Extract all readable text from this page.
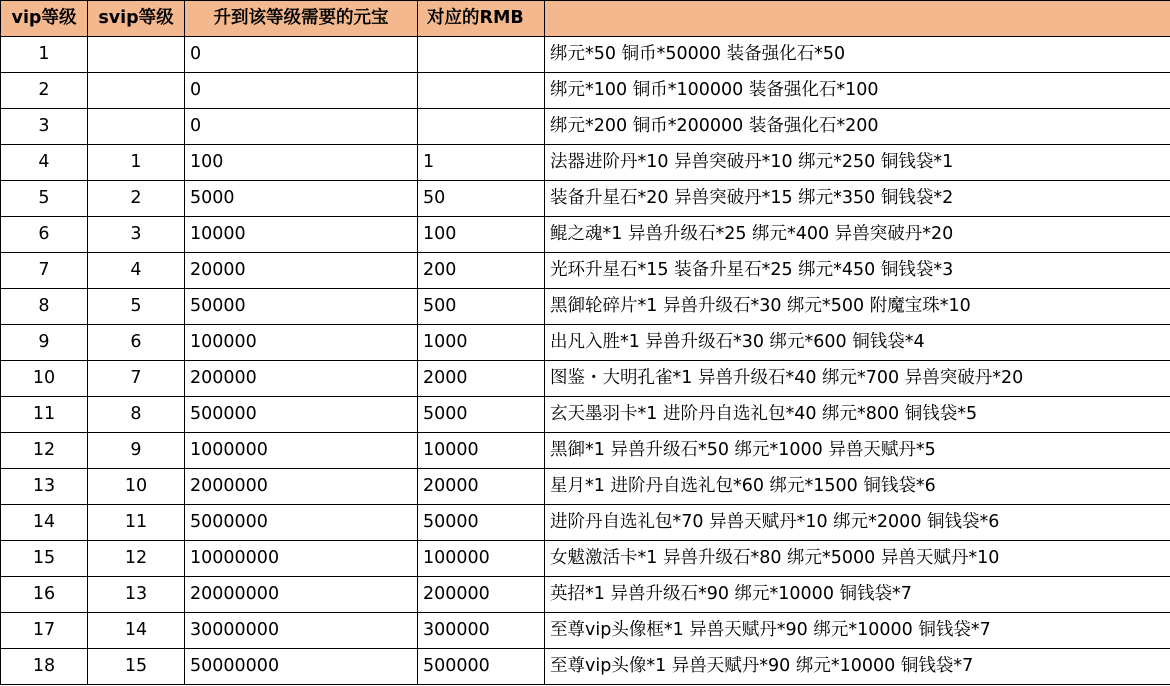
vip等级	svip等级	升到该等级需要的元宝	对应的RMB	
1		0		绑元*50 铜币*50000 装备强化石*50
2		0		绑元*100 铜币*100000 装备强化石*100
3		0		绑元*200 铜币*200000 装备强化石*200
4	1	100	1	法器进阶丹*10 异兽突破丹*10 绑元*250 铜钱袋*1
5	2	5000	50	装备升星石*20 异兽突破丹*15 绑元*350 铜钱袋*2
6	3	10000	100	鲲之魂*1 异兽升级石*25 绑元*400 异兽突破丹*20
7	4	20000	200	光环升星石*15 装备升星石*25 绑元*450 铜钱袋*3
8	5	50000	500	黑御轮碎片*1 异兽升级石*30 绑元*500 附魔宝珠*10
9	6	100000	1000	出凡入胜*1 异兽升级石*30 绑元*600 铜钱袋*4
10	7	200000	2000	图鉴・大明孔雀*1 异兽升级石*40 绑元*700 异兽突破丹*20
11	8	500000	5000	玄天墨羽卡*1 进阶丹自选礼包*40 绑元*800 铜钱袋*5
12	9	1000000	10000	黑御*1 异兽升级石*50 绑元*1000 异兽天赋丹*5
13	10	2000000	20000	星月*1 进阶丹自选礼包*60 绑元*1500 铜钱袋*6
14	11	5000000	50000	进阶丹自选礼包*70 异兽天赋丹*10 绑元*2000 铜钱袋*6
15	12	10000000	100000	女魃激活卡*1 异兽升级石*80 绑元*5000 异兽天赋丹*10
16	13	20000000	200000	英招*1 异兽升级石*90 绑元*10000 铜钱袋*7
17	14	30000000	300000	至尊vip头像框*1 异兽天赋丹*90 绑元*10000 铜钱袋*7
18	15	50000000	500000	至尊vip头像*1 异兽天赋丹*90 绑元*10000 铜钱袋*7
